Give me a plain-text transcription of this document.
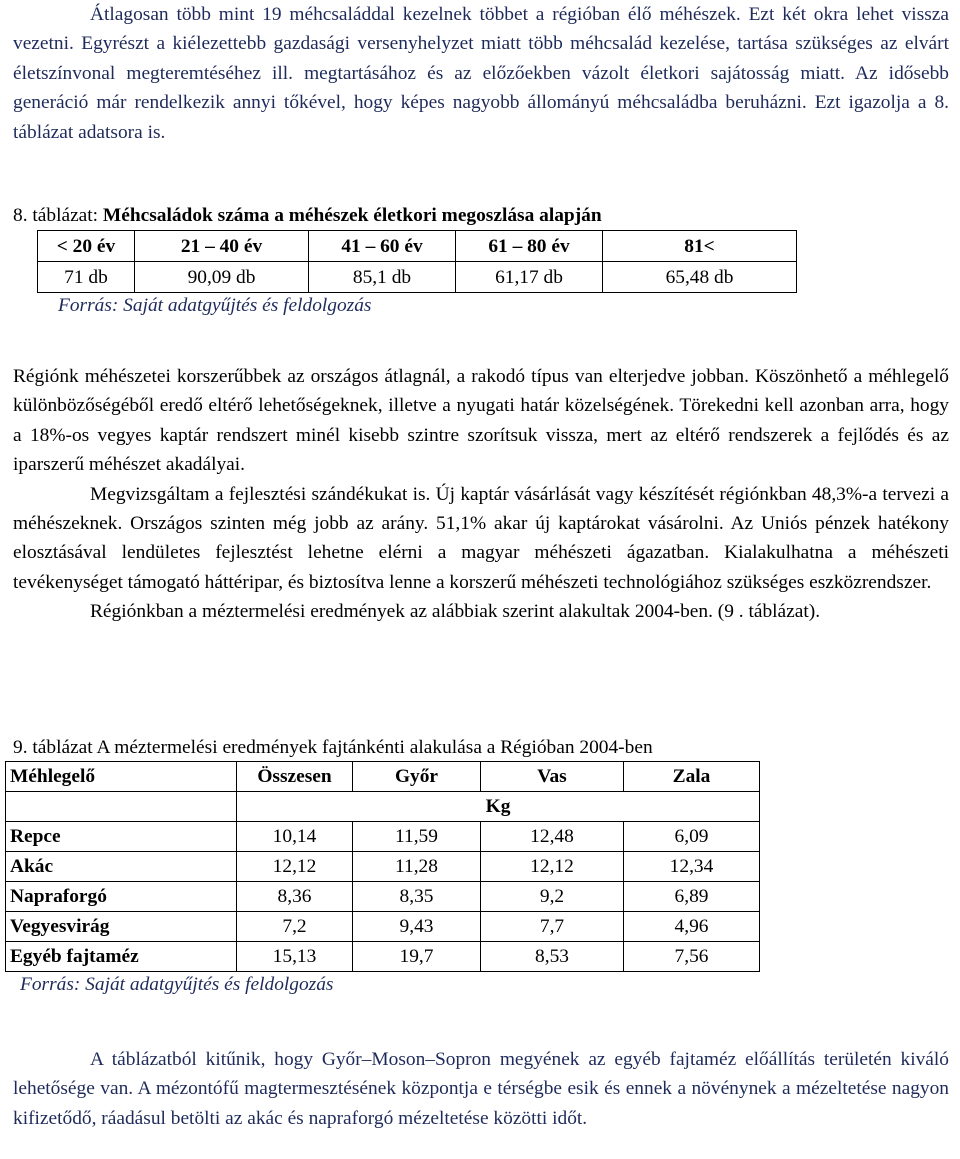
Átlagosan több mint 19 méhcsaláddal kezelnek többet a régióban élő méhészek. Ezt két okra lehet vissza vezetni. Egyrészt a kiélezettebb gazdasági versenyhelyzet miatt több méhcsalád kezelése, tartása szükséges az elvárt életszínvonal megteremtéséhez ill. megtartásához és az előzőekben vázolt életkori sajátosság miatt. Az idősebb generáció már rendelkezik annyi tőkével, hogy képes nagyobb állományú méhcsaládba beruházni. Ezt igazolja a 8. táblázat adatsora is.

8. táblázat: Méhcsaládok száma a méhészek életkori megoszlása alapján
< 20 év	21 – 40 év	41 – 60 év	61 – 80 év	81<
71 db	90,09 db	85,1 db	61,17 db	65,48 db
Forrás: Saját adatgyűjtés és feldolgozás

Régiónk méhészetei korszerűbbek az országos átlagnál, a rakodó típus van elterjedve jobban. Köszönhető a méhlegelő különbözőségéből eredő eltérő lehetőségeknek, illetve a nyugati határ közelségének. Törekedni kell azonban arra, hogy a 18%-os vegyes kaptár rendszert minél kisebb szintre szorítsuk vissza, mert az eltérő rendszerek a fejlődés és az iparszerű méhészet akadályai.

Megvizsgáltam a fejlesztési szándékukat is. Új kaptár vásárlását vagy készítését régiónkban 48,3%-a tervezi a méhészeknek. Országos szinten még jobb az arány. 51,1% akar új kaptárokat vásárolni. Az Uniós pénzek hatékony elosztásával lendületes fejlesztést lehetne elérni a magyar méhészeti ágazatban. Kialakulhatna a méhészeti tevékenységet támogató háttéripar, és biztosítva lenne a korszerű méhészeti technológiához szükséges eszközrendszer.

Régiónkban a méztermelési eredmények az alábbiak szerint alakultak 2004-ben. (9 . táblázat).

9. táblázat A méztermelési eredmények fajtánkénti alakulása a Régióban 2004-ben
Méhlegelő	Összesen	Győr	Vas	Zala
	Kg			
Repce	10,14	11,59	12,48	6,09
Akác	12,12	11,28	12,12	12,34
Napraforgó	8,36	8,35	9,2	6,89
Vegyesvirág	7,2	9,43	7,7	4,96
Egyéb fajtaméz	15,13	19,7	8,53	7,56
Forrás: Saját adatgyűjtés és feldolgozás

A táblázatból kitűnik, hogy Győr–Moson–Sopron megyének az egyéb fajtaméz előállítás területén kiváló lehetősége van. A mézontófű magtermesztésének központja e térségbe esik és ennek a növénynek a mézeltetése nagyon kifizetődő, ráadásul betölti az akác és napraforgó mézeltetése közötti időt.
